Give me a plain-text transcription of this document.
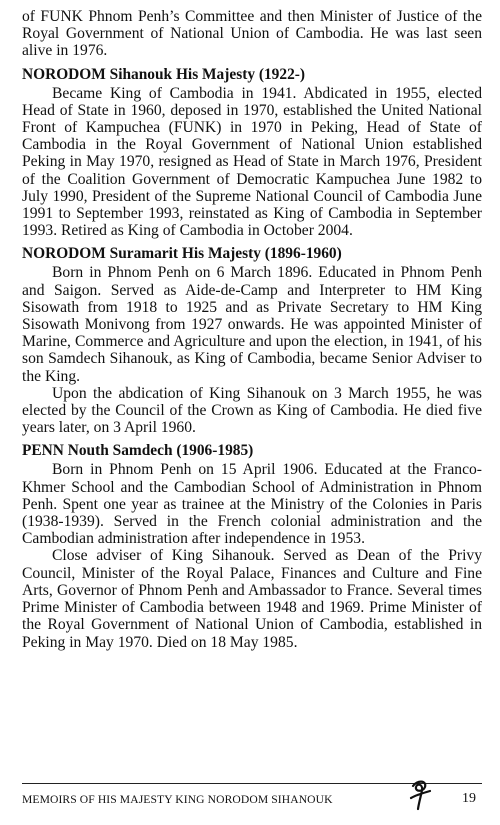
of FUNK Phnom Penh’s Committee and then Minister of Justice of the Royal Government of National Union of Cambodia. He was last seen alive in 1976.

NORODOM Sihanouk His Majesty (1922-)

Became King of Cambodia in 1941. Abdicated in 1955, elected Head of State in 1960, deposed in 1970, established the United National Front of Kampuchea (FUNK) in 1970 in Peking, Head of State of Cambodia in the Royal Government of National Union established Peking in May 1970, resigned as Head of State in March 1976, President of the Coalition Government of Democratic Kampuchea June 1982 to July 1990, President of the Supreme National Council of Cambodia June 1991 to September 1993, reinstated as King of Cambodia in September 1993. Retired as King of Cambodia in October 2004.

NORODOM Suramarit His Majesty (1896-1960)

Born in Phnom Penh on 6 March 1896. Educated in Phnom Penh and Saigon. Served as Aide-de-Camp and Interpreter to HM King Sisowath from 1918 to 1925 and as Private Secretary to HM King Sisowath Monivong from 1927 onwards. He was appointed Minister of Marine, Commerce and Agriculture and upon the election, in 1941, of his son Samdech Sihanouk, as King of Cambodia, became Senior Adviser to the King.

Upon the abdication of King Sihanouk on 3 March 1955, he was elected by the Council of the Crown as King of Cambodia. He died five years later, on 3 April 1960.

PENN Nouth Samdech (1906-1985)

Born in Phnom Penh on 15 April 1906. Educated at the Franco-Khmer School and the Cambodian School of Administration in Phnom Penh. Spent one year as trainee at the Ministry of the Colonies in Paris (1938-1939). Served in the French colonial administration and the Cambodian administration after independence in 1953.

Close adviser of King Sihanouk. Served as Dean of the Privy Council, Minister of the Royal Palace, Finances and Culture and Fine Arts, Governor of Phnom Penh and Ambassador to France. Several times Prime Minister of Cambodia between 1948 and 1969. Prime Minister of the Royal Government of National Union of Cambodia, established in Peking in May 1970. Died on 18 May 1985.

MEMOIRS OF HIS MAJESTY KING NORODOM SIHANOUK	19
